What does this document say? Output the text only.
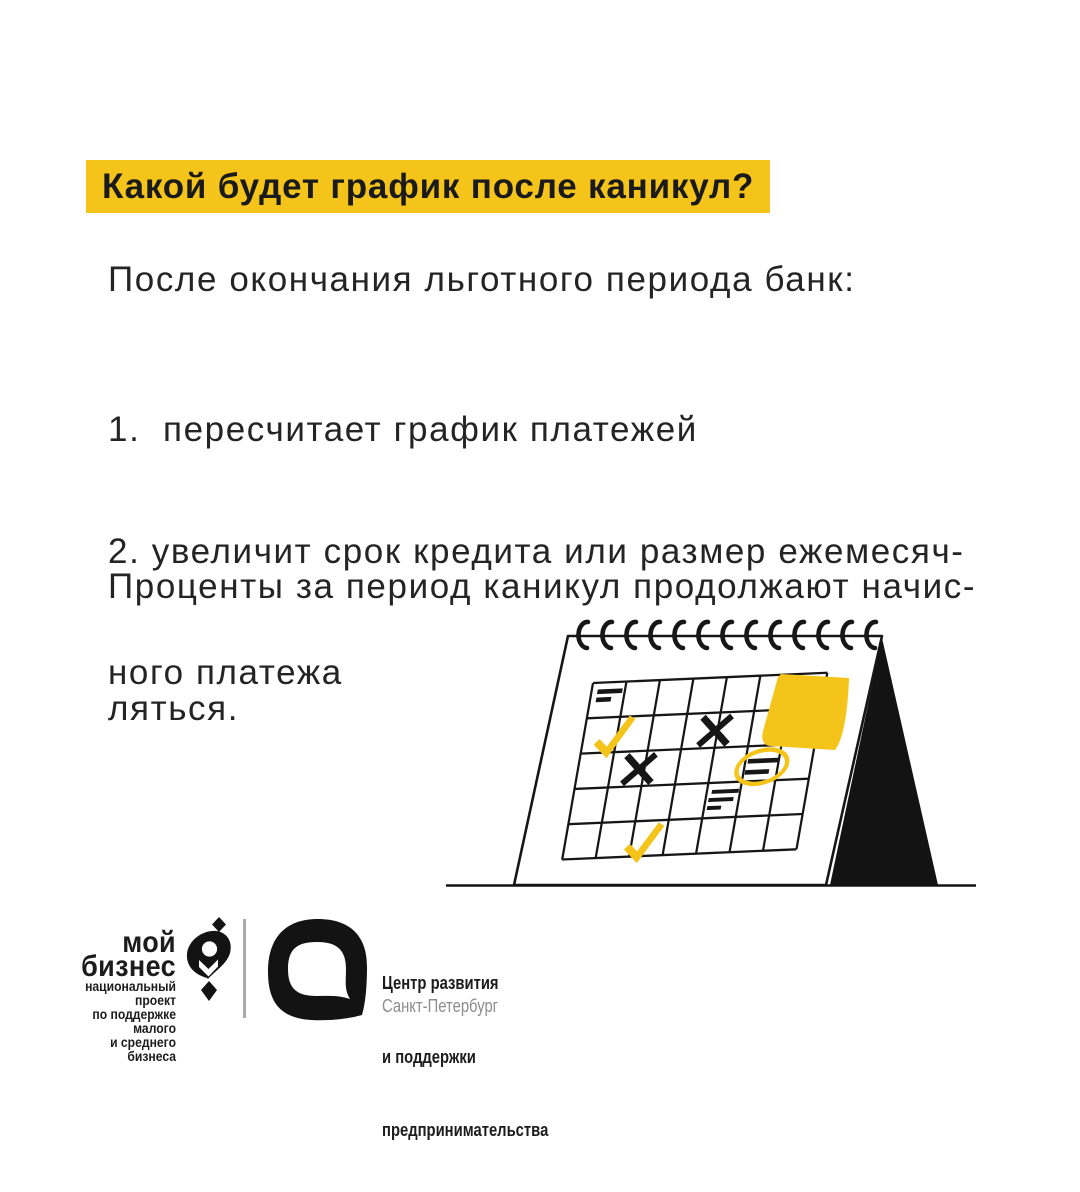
Какой будет график после каникул?
После окончания льготного периода банк:

1.  пересчитает график платежей

2. увеличит срок кредита или размер ежемесяч-

ного платежа

Проценты за период каникул продолжают начис-

ляться.

мой
бизнес
национальный проект
по поддержке малого
и среднего бизнеса

Центр развития

и поддержки

предпринимательства

Санкт-Петербург
